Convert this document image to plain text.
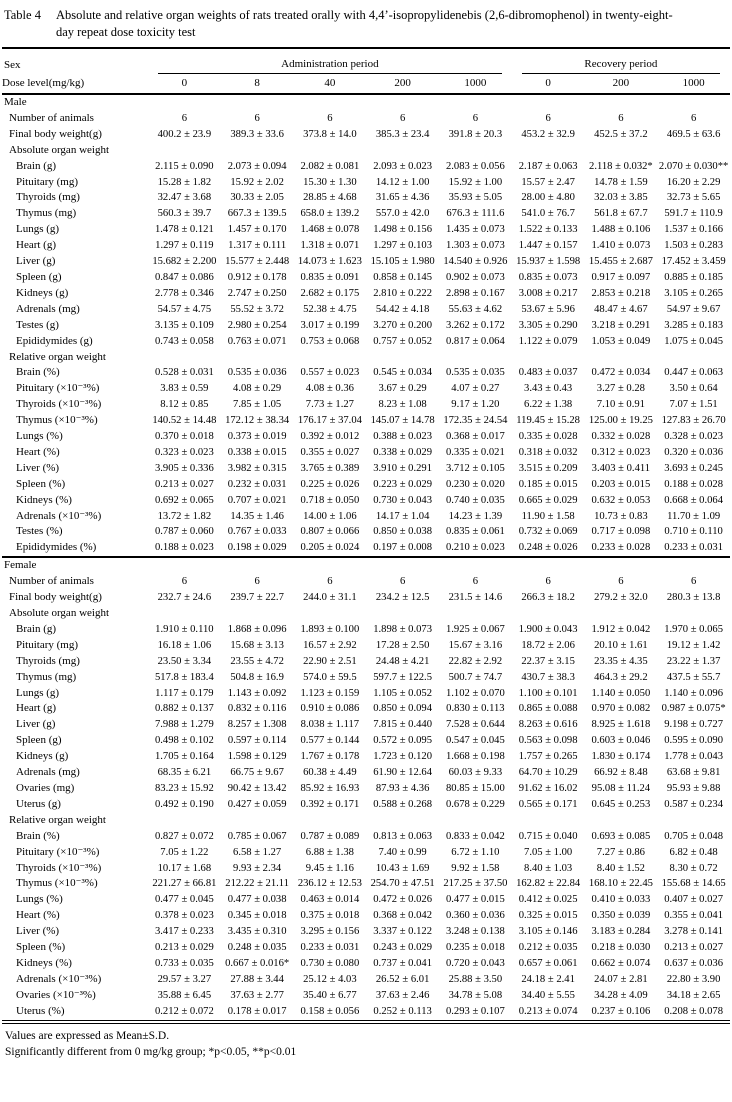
Table 4 Absolute and relative organ weights of rats treated orally with 4,4’-isopropylidenebis (2,6-dibromophenol) in twenty-eight-day repeat dose toxicity test
Sex	Administration period					Recovery period		

Dose level(mg/kg)	0	8	40	200	1000	0	200	1000
Male								
Number of animals	6	6	6	6	6	6	6	6
Final body weight(g)	400.2 ± 23.9	389.3 ± 33.6	373.8 ± 14.0	385.3 ± 23.4	391.8 ± 20.3	453.2 ± 32.9	452.5 ± 37.2	469.5 ± 63.6
Absolute organ weight								
Brain (g)	2.115 ± 0.090	2.073 ± 0.094	2.082 ± 0.081	2.093 ± 0.023	2.083 ± 0.056	2.187 ± 0.063	2.118 ± 0.032*	2.070 ± 0.030**
Pituitary (mg)	15.28 ± 1.82	15.92 ± 2.02	15.30 ± 1.30	14.12 ± 1.00	15.92 ± 1.00	15.57 ± 2.47	14.78 ± 1.59	16.20 ± 2.29
Thyroids (mg)	32.47 ± 3.68	30.33 ± 2.05	28.85 ± 4.68	31.65 ± 4.36	35.93 ± 5.05	28.00 ± 4.80	32.03 ± 3.85	32.73 ± 5.65
Thymus (mg)	560.3 ± 39.7	667.3 ± 139.5	658.0 ± 139.2	557.0 ± 42.0	676.3 ± 111.6	541.0 ± 76.7	561.8 ± 67.7	591.7 ± 110.9
Lungs (g)	1.478 ± 0.121	1.457 ± 0.170	1.468 ± 0.078	1.498 ± 0.156	1.435 ± 0.073	1.522 ± 0.133	1.488 ± 0.106	1.537 ± 0.166
Heart (g)	1.297 ± 0.119	1.317 ± 0.111	1.318 ± 0.071	1.297 ± 0.103	1.303 ± 0.073	1.447 ± 0.157	1.410 ± 0.073	1.503 ± 0.283
Liver (g)	15.682 ± 2.200	15.577 ± 2.448	14.073 ± 1.623	15.105 ± 1.980	14.540 ± 0.926	15.937 ± 1.598	15.455 ± 2.687	17.452 ± 3.459
Spleen (g)	0.847 ± 0.086	0.912 ± 0.178	0.835 ± 0.091	0.858 ± 0.145	0.902 ± 0.073	0.835 ± 0.073	0.917 ± 0.097	0.885 ± 0.185
Kidneys (g)	2.778 ± 0.346	2.747 ± 0.250	2.682 ± 0.175	2.810 ± 0.222	2.898 ± 0.167	3.008 ± 0.217	2.853 ± 0.218	3.105 ± 0.265
Adrenals (mg)	54.57 ± 4.75	55.52 ± 3.72	52.38 ± 4.75	54.42 ± 4.18	55.63 ± 4.62	53.67 ± 5.96	48.47 ± 4.67	54.97 ± 9.67
Testes (g)	3.135 ± 0.109	2.980 ± 0.254	3.017 ± 0.199	3.270 ± 0.200	3.262 ± 0.172	3.305 ± 0.290	3.218 ± 0.291	3.285 ± 0.183
Epididymides (g)	0.743 ± 0.058	0.763 ± 0.071	0.753 ± 0.068	0.757 ± 0.052	0.817 ± 0.064	1.122 ± 0.079	1.053 ± 0.049	1.075 ± 0.045
Relative organ weight								
Brain (%)	0.528 ± 0.031	0.535 ± 0.036	0.557 ± 0.023	0.545 ± 0.034	0.535 ± 0.035	0.483 ± 0.037	0.472 ± 0.034	0.447 ± 0.063
Pituitary (×10⁻³%)	3.83 ± 0.59	4.08 ± 0.29	4.08 ± 0.36	3.67 ± 0.29	4.07 ± 0.27	3.43 ± 0.43	3.27 ± 0.28	3.50 ± 0.64
Thyroids (×10⁻³%)	8.12 ± 0.85	7.85 ± 1.05	7.73 ± 1.27	8.23 ± 1.08	9.17 ± 1.20	6.22 ± 1.38	7.10 ± 0.91	7.07 ± 1.51
Thymus (×10⁻³%)	140.52 ± 14.48	172.12 ± 38.34	176.17 ± 37.04	145.07 ± 14.78	172.35 ± 24.54	119.45 ± 15.28	125.00 ± 19.25	127.83 ± 26.70
Lungs (%)	0.370 ± 0.018	0.373 ± 0.019	0.392 ± 0.012	0.388 ± 0.023	0.368 ± 0.017	0.335 ± 0.028	0.332 ± 0.028	0.328 ± 0.023
Heart (%)	0.323 ± 0.023	0.338 ± 0.015	0.355 ± 0.027	0.338 ± 0.029	0.335 ± 0.021	0.318 ± 0.032	0.312 ± 0.023	0.320 ± 0.036
Liver (%)	3.905 ± 0.336	3.982 ± 0.315	3.765 ± 0.389	3.910 ± 0.291	3.712 ± 0.105	3.515 ± 0.209	3.403 ± 0.411	3.693 ± 0.245
Spleen (%)	0.213 ± 0.027	0.232 ± 0.031	0.225 ± 0.026	0.223 ± 0.029	0.230 ± 0.020	0.185 ± 0.015	0.203 ± 0.015	0.188 ± 0.028
Kidneys (%)	0.692 ± 0.065	0.707 ± 0.021	0.718 ± 0.050	0.730 ± 0.043	0.740 ± 0.035	0.665 ± 0.029	0.632 ± 0.053	0.668 ± 0.064
Adrenals (×10⁻³%)	13.72 ± 1.82	14.35 ± 1.46	14.00 ± 1.06	14.17 ± 1.04	14.23 ± 1.39	11.90 ± 1.58	10.73 ± 0.83	11.70 ± 1.09
Testes (%)	0.787 ± 0.060	0.767 ± 0.033	0.807 ± 0.066	0.850 ± 0.038	0.835 ± 0.061	0.732 ± 0.069	0.717 ± 0.098	0.710 ± 0.110
Epididymides (%)	0.188 ± 0.023	0.198 ± 0.029	0.205 ± 0.024	0.197 ± 0.008	0.210 ± 0.023	0.248 ± 0.026	0.233 ± 0.028	0.233 ± 0.031
Female								
Number of animals	6	6	6	6	6	6	6	6
Final body weight(g)	232.7 ± 24.6	239.7 ± 22.7	244.0 ± 31.1	234.2 ± 12.5	231.5 ± 14.6	266.3 ± 18.2	279.2 ± 32.0	280.3 ± 13.8
Absolute organ weight								
Brain (g)	1.910 ± 0.110	1.868 ± 0.096	1.893 ± 0.100	1.898 ± 0.073	1.925 ± 0.067	1.900 ± 0.043	1.912 ± 0.042	1.970 ± 0.065
Pituitary (mg)	16.18 ± 1.06	15.68 ± 3.13	16.57 ± 2.92	17.28 ± 2.50	15.67 ± 3.16	18.72 ± 2.06	20.10 ± 1.61	19.12 ± 1.42
Thyroids (mg)	23.50 ± 3.34	23.55 ± 4.72	22.90 ± 2.51	24.48 ± 4.21	22.82 ± 2.92	22.37 ± 3.15	23.35 ± 4.35	23.22 ± 1.37
Thymus (mg)	517.8 ± 183.4	504.8 ± 16.9	574.0 ± 59.5	597.7 ± 122.5	500.7 ± 74.7	430.7 ± 38.3	464.3 ± 29.2	437.5 ± 55.7
Lungs (g)	1.117 ± 0.179	1.143 ± 0.092	1.123 ± 0.159	1.105 ± 0.052	1.102 ± 0.070	1.100 ± 0.101	1.140 ± 0.050	1.140 ± 0.096
Heart (g)	0.882 ± 0.137	0.832 ± 0.116	0.910 ± 0.086	0.850 ± 0.094	0.830 ± 0.113	0.865 ± 0.088	0.970 ± 0.082	0.987 ± 0.075*
Liver (g)	7.988 ± 1.279	8.257 ± 1.308	8.038 ± 1.117	7.815 ± 0.440	7.528 ± 0.644	8.263 ± 0.616	8.925 ± 1.618	9.198 ± 0.727
Spleen (g)	0.498 ± 0.102	0.597 ± 0.114	0.577 ± 0.144	0.572 ± 0.095	0.547 ± 0.045	0.563 ± 0.098	0.603 ± 0.046	0.595 ± 0.090
Kidneys (g)	1.705 ± 0.164	1.598 ± 0.129	1.767 ± 0.178	1.723 ± 0.120	1.668 ± 0.198	1.757 ± 0.265	1.830 ± 0.174	1.778 ± 0.043
Adrenals (mg)	68.35 ± 6.21	66.75 ± 9.67	60.38 ± 4.49	61.90 ± 12.64	60.03 ± 9.33	64.70 ± 10.29	66.92 ± 8.48	63.68 ± 9.81
Ovaries (mg)	83.23 ± 15.92	90.42 ± 13.42	85.92 ± 16.93	87.93 ± 4.36	80.85 ± 15.00	91.62 ± 16.02	95.08 ± 11.24	95.93 ± 9.88
Uterus (g)	0.492 ± 0.190	0.427 ± 0.059	0.392 ± 0.171	0.588 ± 0.268	0.678 ± 0.229	0.565 ± 0.171	0.645 ± 0.253	0.587 ± 0.234
Relative organ weight								
Brain (%)	0.827 ± 0.072	0.785 ± 0.067	0.787 ± 0.089	0.813 ± 0.063	0.833 ± 0.042	0.715 ± 0.040	0.693 ± 0.085	0.705 ± 0.048
Pituitary (×10⁻³%)	7.05 ± 1.22	6.58 ± 1.27	6.88 ± 1.38	7.40 ± 0.99	6.72 ± 1.10	7.05 ± 1.00	7.27 ± 0.86	6.82 ± 0.48
Thyroids (×10⁻³%)	10.17 ± 1.68	9.93 ± 2.34	9.45 ± 1.16	10.43 ± 1.69	9.92 ± 1.58	8.40 ± 1.03	8.40 ± 1.52	8.30 ± 0.72
Thymus (×10⁻³%)	221.27 ± 66.81	212.22 ± 21.11	236.12 ± 12.53	254.70 ± 47.51	217.25 ± 37.50	162.82 ± 22.84	168.10 ± 22.45	155.68 ± 14.65
Lungs (%)	0.477 ± 0.045	0.477 ± 0.038	0.463 ± 0.014	0.472 ± 0.026	0.477 ± 0.015	0.412 ± 0.025	0.410 ± 0.033	0.407 ± 0.027
Heart (%)	0.378 ± 0.023	0.345 ± 0.018	0.375 ± 0.018	0.368 ± 0.042	0.360 ± 0.036	0.325 ± 0.015	0.350 ± 0.039	0.355 ± 0.041
Liver (%)	3.417 ± 0.233	3.435 ± 0.310	3.295 ± 0.156	3.337 ± 0.122	3.248 ± 0.138	3.105 ± 0.146	3.183 ± 0.284	3.278 ± 0.141
Spleen (%)	0.213 ± 0.029	0.248 ± 0.035	0.233 ± 0.031	0.243 ± 0.029	0.235 ± 0.018	0.212 ± 0.035	0.218 ± 0.030	0.213 ± 0.027
Kidneys (%)	0.733 ± 0.035	0.667 ± 0.016*	0.730 ± 0.080	0.737 ± 0.041	0.720 ± 0.043	0.657 ± 0.061	0.662 ± 0.074	0.637 ± 0.036
Adrenals (×10⁻³%)	29.57 ± 3.27	27.88 ± 3.44	25.12 ± 4.03	26.52 ± 6.01	25.88 ± 3.50	24.18 ± 2.41	24.07 ± 2.81	22.80 ± 3.90
Ovaries (×10⁻³%)	35.88 ± 6.45	37.63 ± 2.77	35.40 ± 6.77	37.63 ± 2.46	34.78 ± 5.08	34.40 ± 5.55	34.28 ± 4.09	34.18 ± 2.65
Uterus (%)	0.212 ± 0.072	0.178 ± 0.017	0.158 ± 0.056	0.252 ± 0.113	0.293 ± 0.107	0.213 ± 0.074	0.237 ± 0.106	0.208 ± 0.078
Values are expressed as Mean±S.D.
Significantly different from 0 mg/kg group; *p<0.05, **p<0.01
